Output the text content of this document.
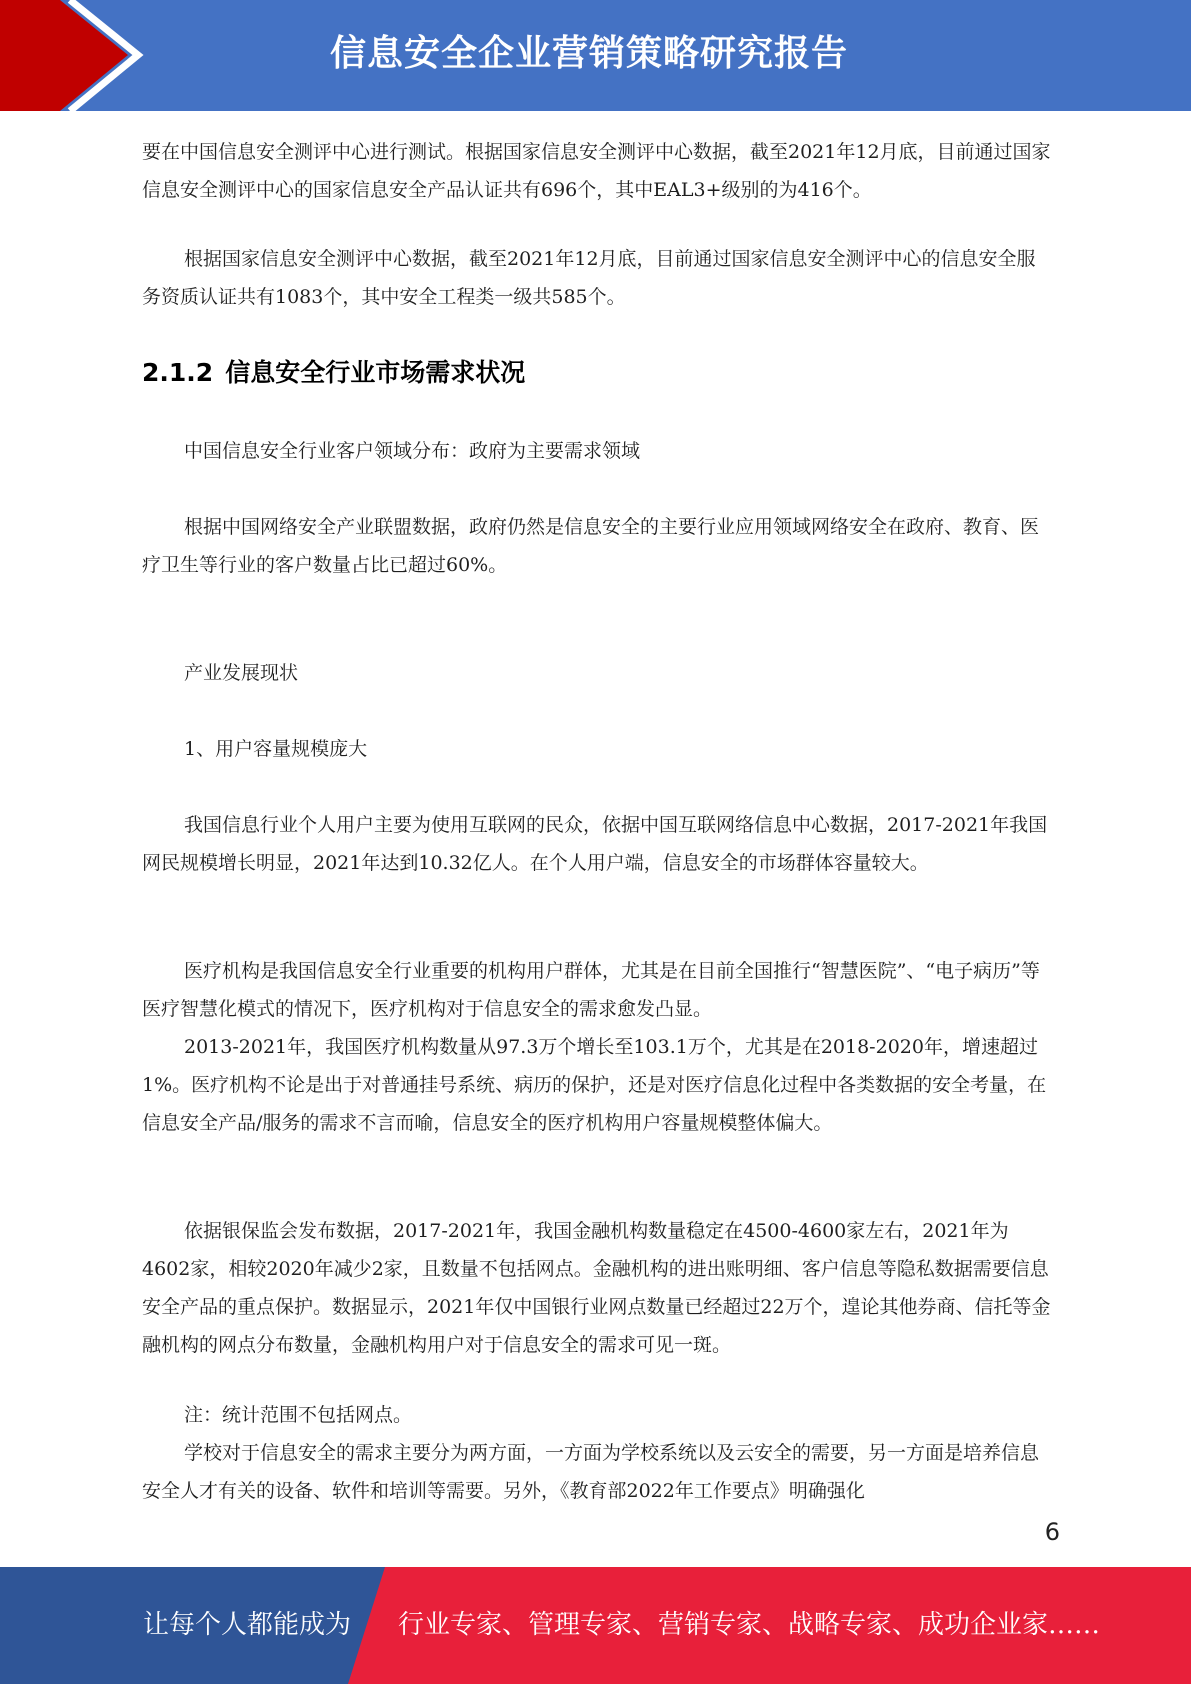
信息安全企业营销策略研究报告

要在中国信息安全测评中心进行测试。根据国家信息安全测评中心数据，截至2021年12月底，目前通过国家信息安全测评中心的国家信息安全产品认证共有696个，其中EAL3+级别的为416个。

根据国家信息安全测评中心数据，截至2021年12月底，目前通过国家信息安全测评中心的信息安全服务资质认证共有1083个，其中安全工程类一级共585个。

2.1.2 信息安全行业市场需求状况

中国信息安全行业客户领域分布：政府为主要需求领域

根据中国网络安全产业联盟数据，政府仍然是信息安全的主要行业应用领域网络安全在政府、教育、医疗卫生等行业的客户数量占比已超过60%。

产业发展现状

1、用户容量规模庞大

我国信息行业个人用户主要为使用互联网的民众，依据中国互联网络信息中心数据，2017-2021年我国网民规模增长明显，2021年达到10.32亿人。在个人用户端，信息安全的市场群体容量较大。

医疗机构是我国信息安全行业重要的机构用户群体，尤其是在目前全国推行“智慧医院”、“电子病历”等医疗智慧化模式的情况下，医疗机构对于信息安全的需求愈发凸显。

2013-2021年，我国医疗机构数量从97.3万个增长至103.1万个，尤其是在2018-2020年，增速超过1%。医疗机构不论是出于对普通挂号系统、病历的保护，还是对医疗信息化过程中各类数据的安全考量，在信息安全产品/服务的需求不言而喻，信息安全的医疗机构用户容量规模整体偏大。

依据银保监会发布数据，2017-2021年，我国金融机构数量稳定在4500-4600家左右，2021年为4602家，相较2020年减少2家，且数量不包括网点。金融机构的进出账明细、客户信息等隐私数据需要信息安全产品的重点保护。数据显示，2021年仅中国银行业网点数量已经超过22万个，遑论其他券商、信托等金融机构的网点分布数量，金融机构用户对于信息安全的需求可见一斑。

注：统计范围不包括网点。

学校对于信息安全的需求主要分为两方面，一方面为学校系统以及云安全的需要，另一方面是培养信息安全人才有关的设备、软件和培训等需要。另外，《教育部2022年工作要点》明确强化

6
让每个人都能成为 行业专家、管理专家、营销专家、战略专家、成功企业家……
